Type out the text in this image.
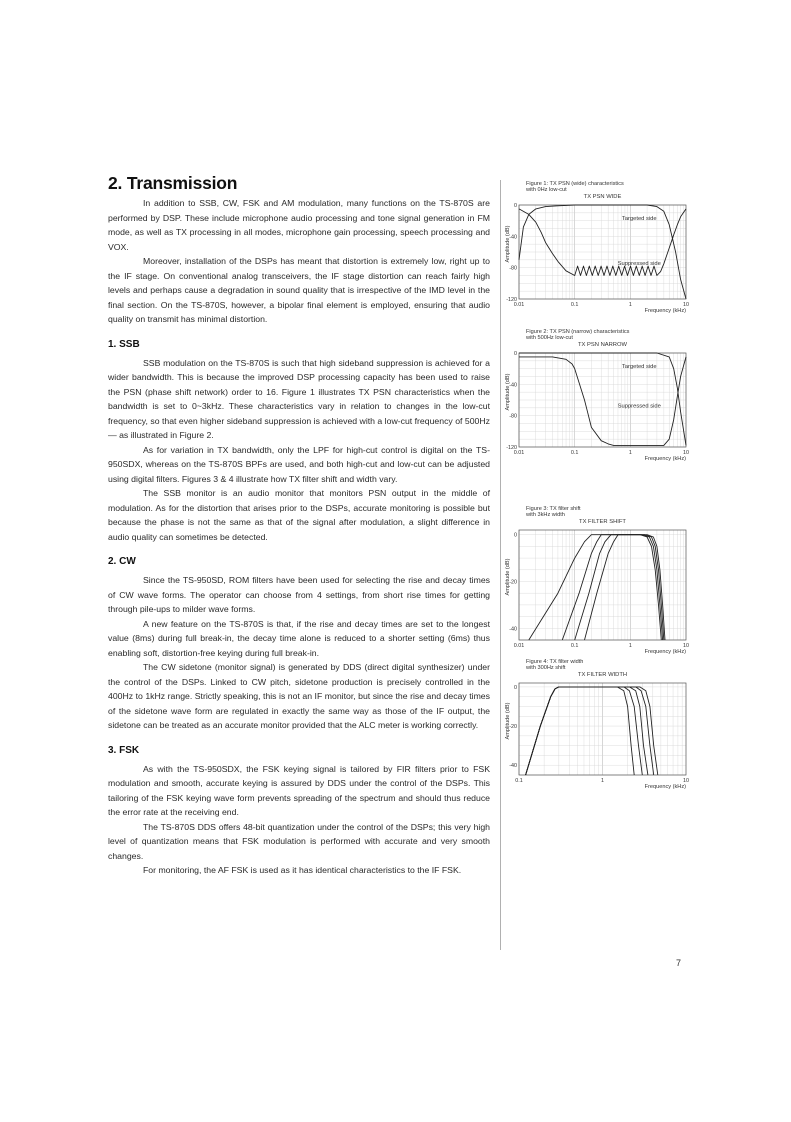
2. Transmission

In addition to SSB, CW, FSK and AM modulation, many functions on the TS-870S are performed by DSP. These include microphone audio processing and tone signal generation in FM mode, as well as TX processing in all modes, microphone gain processing, speech processing and VOX.

Moreover, installation of the DSPs has meant that distortion is extremely low, right up to the IF stage. On conventional analog transceivers, the IF stage distortion can reach fairly high levels and perhaps cause a degradation in sound quality that is irrespective of the IMD level in the final section. On the TS-870S, however, a bipolar final element is employed, ensuring that audio quality on transmit has minimal distortion.

1. SSB

SSB modulation on the TS-870S is such that high sideband suppression is achieved for a wider bandwidth. This is because the improved DSP processing capacity has been used to raise the PSN (phase shift network) order to 16. Figure 1 illustrates TX PSN characteristics when the bandwidth is set to 0~3kHz. These characteristics vary in relation to changes in the low-cut frequency, so that even higher sideband suppression is achieved with a low-cut frequency of 500Hz — as illustrated in Figure 2.

As for variation in TX bandwidth, only the LPF for high-cut control is digital on the TS-950SDX, whereas on the TS-870S BPFs are used, and both high-cut and low-cut can be adjusted using digital filters. Figures 3 & 4 illustrate how TX filter shift and width vary.

The SSB monitor is an audio monitor that monitors PSN output in the middle of modulation. As for the distortion that arises prior to the DSPs, accurate monitoring is possible but because the phase is not the same as that of the signal after modulation, a slight difference in audio quality can sometimes be detected.

2. CW

Since the TS-950SD, ROM filters have been used for selecting the rise and decay times of CW wave forms. The operator can choose from 4 settings, from short rise times for getting through pile-ups to milder wave forms.

A new feature on the TS-870S is that, if the rise and decay times are set to the longest value (8ms) during full break-in, the decay time alone is reduced to a shorter setting (6ms) thus enabling soft, distortion-free keying during full break-in.

The CW sidetone (monitor signal) is generated by DDS (direct digital synthesizer) under the control of the DSPs. Linked to CW pitch, sidetone production is precisely controlled in the 400Hz to 1kHz range. Strictly speaking, this is not an IF monitor, but since the rise and decay times of the sidetone wave form are regulated in exactly the same way as those of the IF output, the sidetone can be treated as an accurate monitor provided that the ALC meter is working correctly.

3. FSK

As with the TS-950SDX, the FSK keying signal is tailored by FIR filters prior to FSK modulation and smooth, accurate keying is assured by DDS under the control of the DSPs. This tailoring of the FSK keying wave form prevents spreading of the spectrum and should thus reduce the error rate at the receiving end.

The TS-870S DDS offers 48-bit quantization under the control of the DSPs; this very high level of quantization means that FSK modulation is performed with accurate and very smooth changes.

For monitoring, the AF FSK is used as it has identical characteristics to the IF FSK.

Figure 1: TX PSN (wide) characteristics
with 0Hz low-cut
TX PSN WIDE
0
-40
-80
-120
0.01	0.1	1	10
Frequency (kHz)
Amplitude (dB)
Targeted side
Suppressed side
Figure 2: TX PSN (narrow) characteristics
with 500Hz low-cut
TX PSN NARROW
0
-40
-80
-120
0.01	0.1	1	10
Frequency (kHz)
Amplitude (dB)
Targeted side
Suppressed side
Figure 3: TX filter shift
with 3kHz width
TX FILTER SHIFT
0
-20
-40
0.01	0.1	1	10
Frequency (kHz)
Amplitude (dB)
Figure 4: TX filter width
with 300Hz shift
TX FILTER WIDTH
0
-20
-40
0.1	1	10
Frequency (kHz)
Amplitude (dB)
7
